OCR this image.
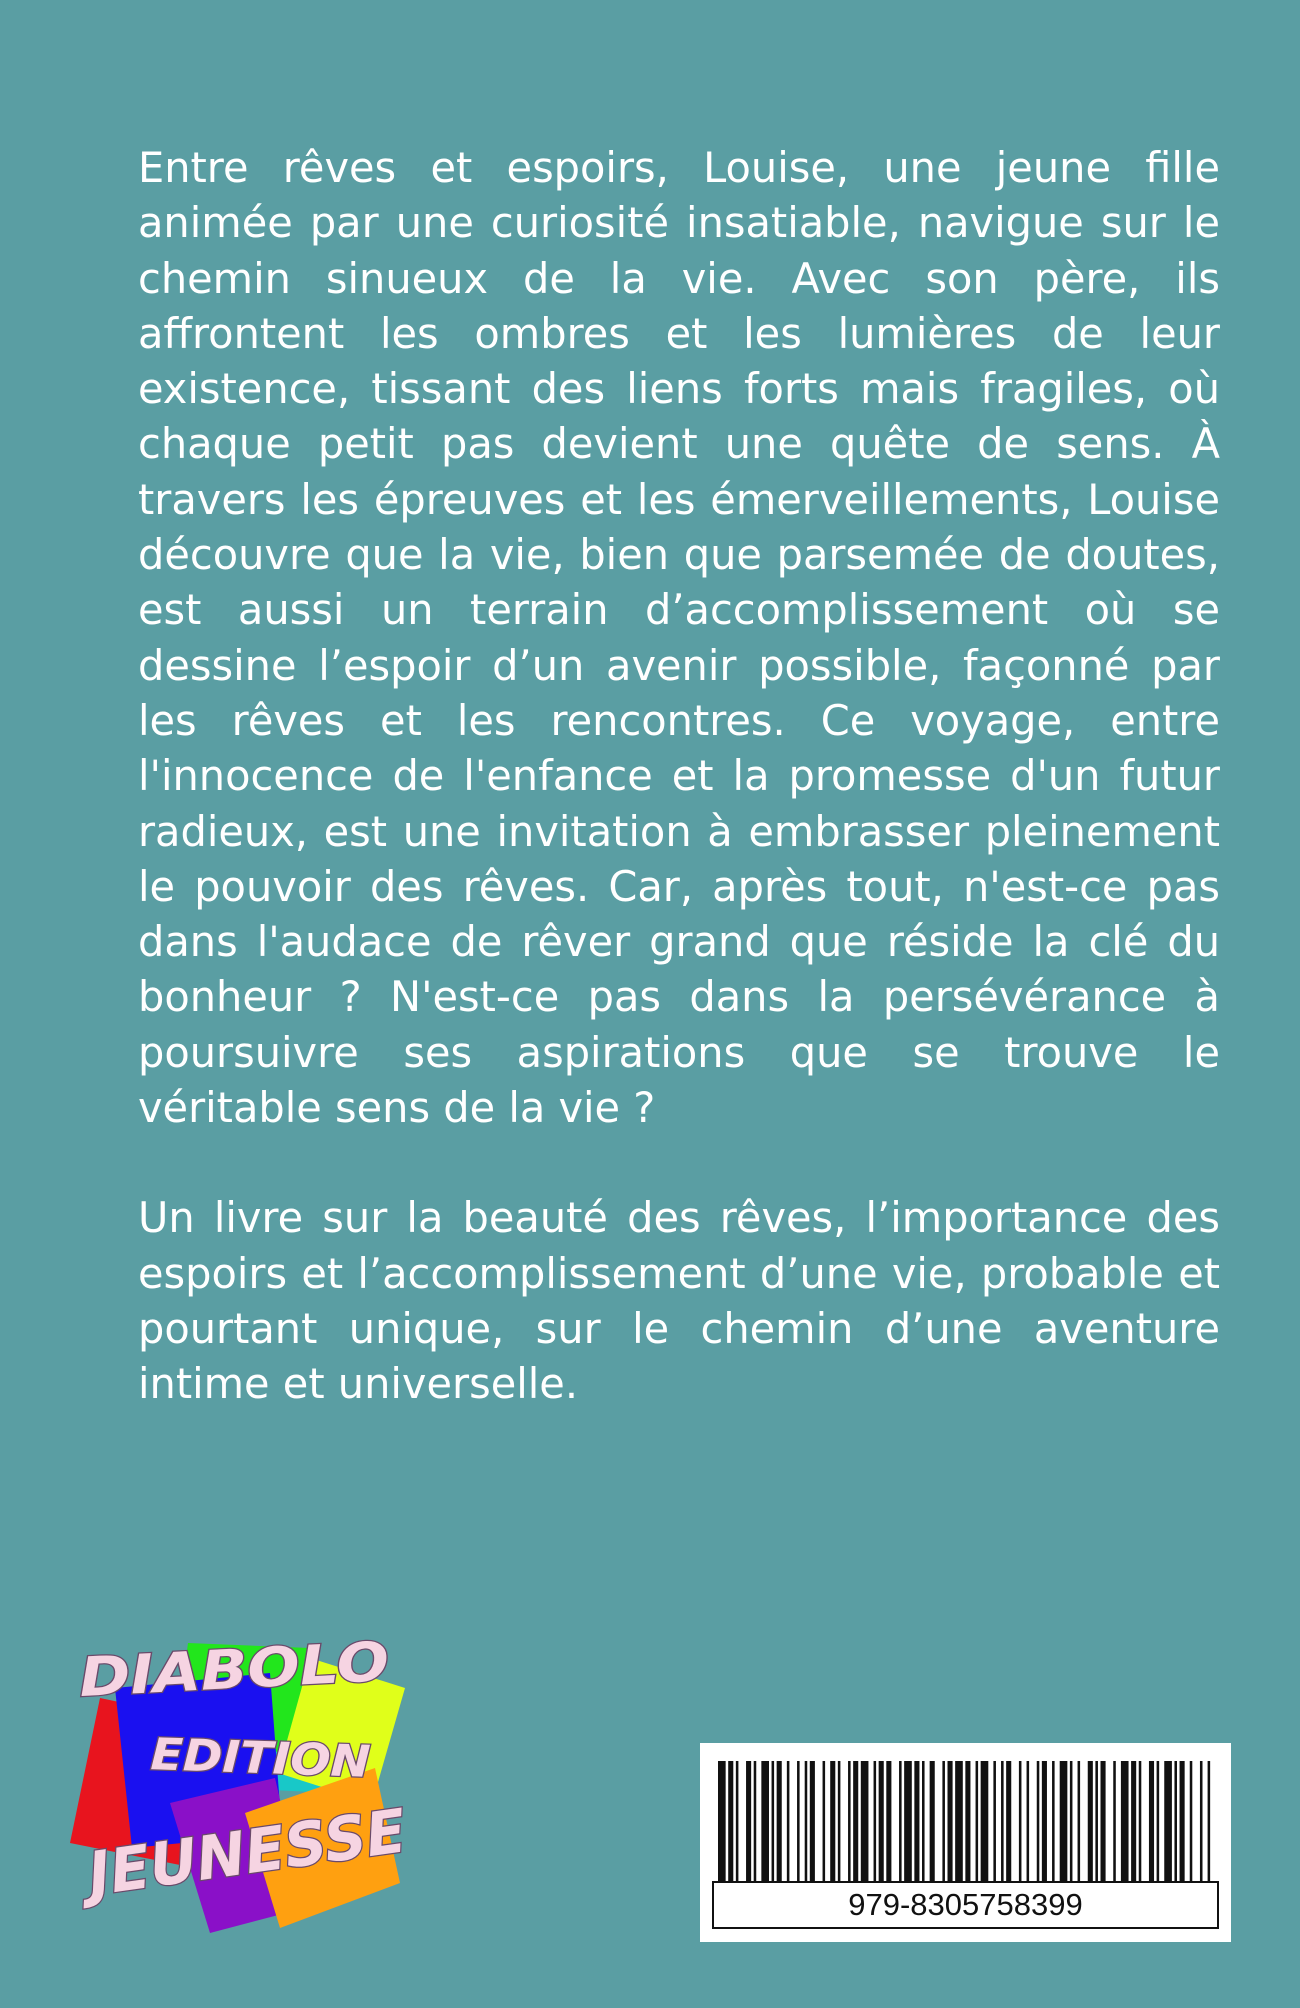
Entre rêves et espoirs, Louise, une jeune fille animée par une curiosité insatiable, navigue sur le chemin sinueux de la vie. Avec son père, ils affrontent les ombres et les lumières de leur existence, tissant des liens forts mais fragiles, où chaque petit pas devient une quête de sens. À travers les épreuves et les émerveillements, Louise découvre que la vie, bien que parsemée de doutes, est aussi un terrain d’accomplissement où se dessine l’espoir d’un avenir possible, façonné par les rêves et les rencontres. Ce voyage, entre l'innocence de l'enfance et la promesse d'un futur radieux, est une invitation à embrasser pleinement le pouvoir des rêves. Car, après tout, n'est-ce pas dans l'audace de rêver grand que réside la clé du bonheur ? N'est-ce pas dans la persévérance à poursuivre ses aspirations que se trouve le véritable sens de la vie ?

Un livre sur la beauté des rêves, l’importance des espoirs et l’accomplissement d’une vie, probable et pourtant unique, sur le chemin d’une aventure intime et universelle.

DIABOLO
EDITION
JEUNESSE	979-8305758399
